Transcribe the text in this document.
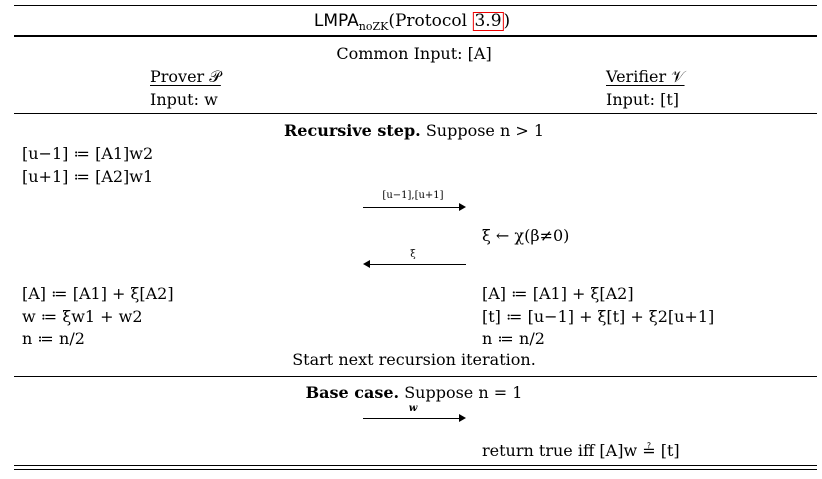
$LMPA_{noZK}(Protocol$ 3.9 )
Common Input: [A]
Prover 𝒫
Input: w
Verifier 𝒱
Input: [t]
Recursive step. Suppose n > 1
[u−1] ≔ [A1]w2
[u+1] ≔ [A2]w1
[u−1],[u+1]
ξ ← χ(β≠0)
ξ
[A] ≔ [A1] + ξ[A2]
w ≔ ξw1 + w2
n ≔ n/2
[A] ≔ [A1] + ξ[A2]
[t] ≔ [u−1] + ξ[t] + ξ2[u+1]
n ≔ n/2
Start next recursion iteration.
Base case. Suppose n = 1
w
return true iff [A]w ≟ [t]
